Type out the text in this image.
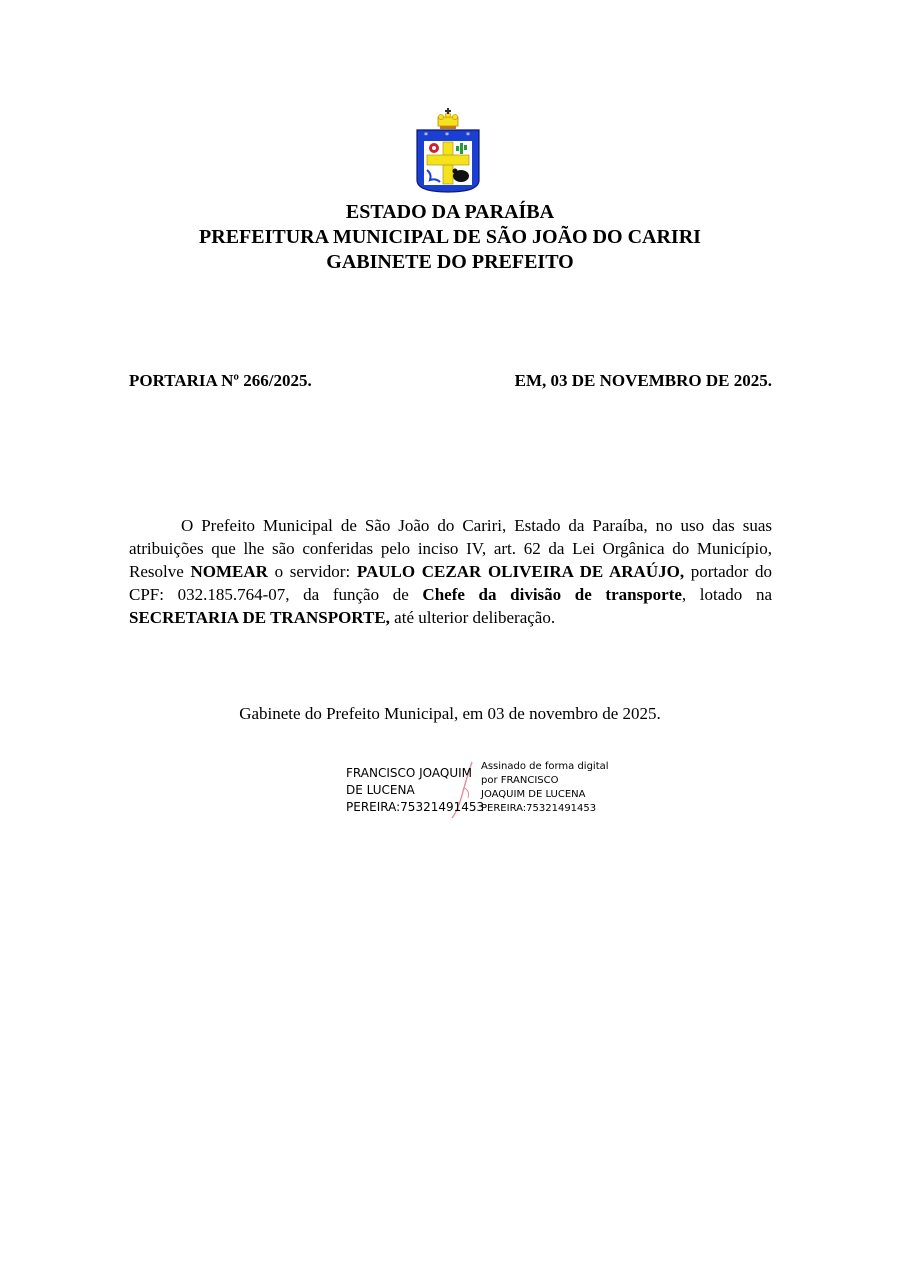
* * *
ESTADO DA PARAÍBA
PREFEITURA MUNICIPAL DE SÃO JOÃO DO CARIRI
GABINETE DO PREFEITO
PORTARIA Nº 266/2025.	EM, 03 DE NOVEMBRO DE 2025.
O Prefeito Municipal de São João do Cariri, Estado da Paraíba, no uso das suas atribuições que lhe são conferidas pelo inciso IV, art. 62 da Lei Orgânica do Município, Resolve NOMEAR o servidor: PAULO CEZAR OLIVEIRA DE ARAÚJO, portador do CPF: 032.185.764-07, da função de Chefe da divisão de transporte, lotado na SECRETARIA DE TRANSPORTE, até ulterior deliberação.
Gabinete do Prefeito Municipal, em 03 de novembro de 2025.
FRANCISCO JOAQUIM
DE LUCENA
PEREIRA:75321491453
Assinado de forma digital
por FRANCISCO
JOAQUIM DE LUCENA
PEREIRA:75321491453
